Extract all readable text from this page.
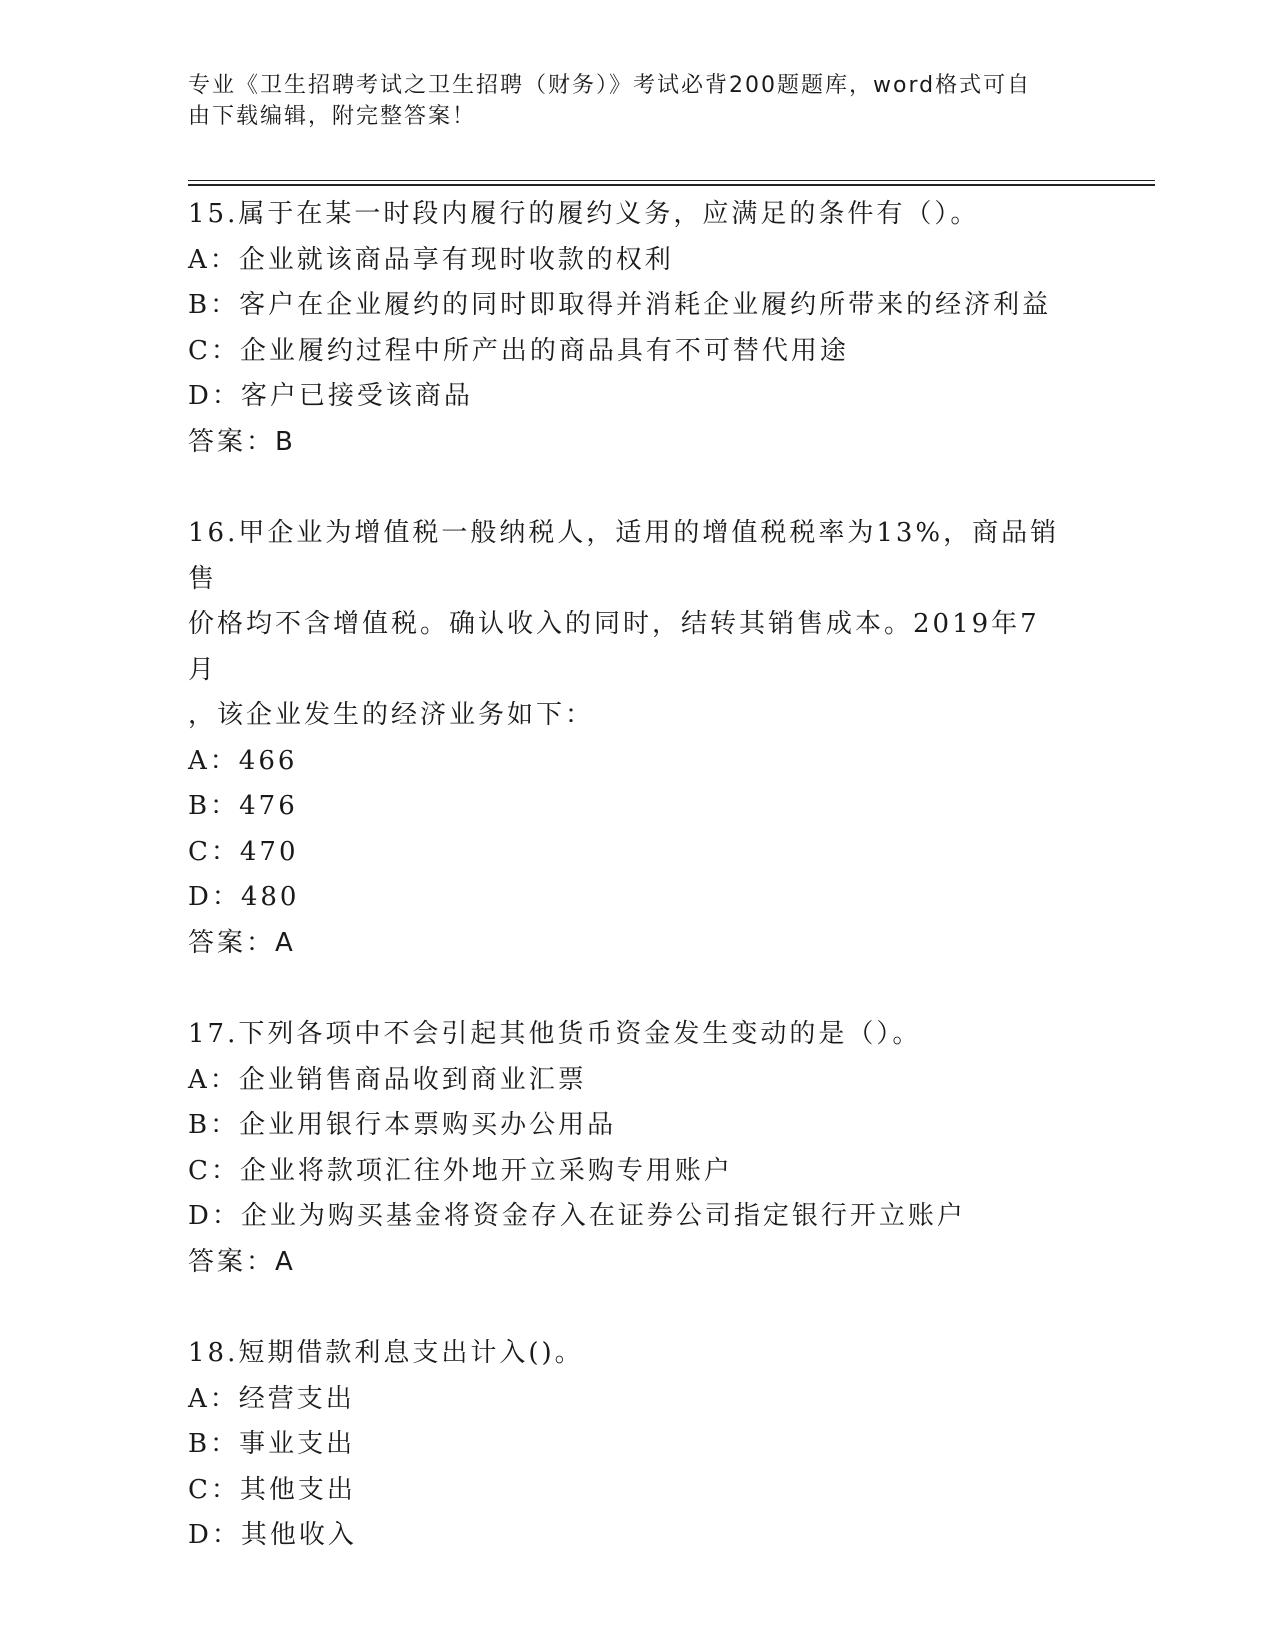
专业《卫生招聘考试之卫生招聘（财务）》考试必背200题题库，word格式可自
由下载编辑，附完整答案！
15.属于在某一时段内履行的履约义务，应满足的条件有（）。
A：企业就该商品享有现时收款的权利
B：客户在企业履约的同时即取得并消耗企业履约所带来的经济利益
C：企业履约过程中所产出的商品具有不可替代用途
D：客户已接受该商品
答案：B
16.甲企业为增值税一般纳税人，适用的增值税税率为13%，商品销售
价格均不含增值税。确认收入的同时，结转其销售成本。2019年7月
，该企业发生的经济业务如下：
A：466
B：476
C：470
D：480
答案：A
17.下列各项中不会引起其他货币资金发生变动的是（）。
A：企业销售商品收到商业汇票
B：企业用银行本票购买办公用品
C：企业将款项汇往外地开立采购专用账户
D：企业为购买基金将资金存入在证券公司指定银行开立账户
答案：A
18.短期借款利息支出计入()。
A：经营支出
B：事业支出
C：其他支出
D：其他收入
